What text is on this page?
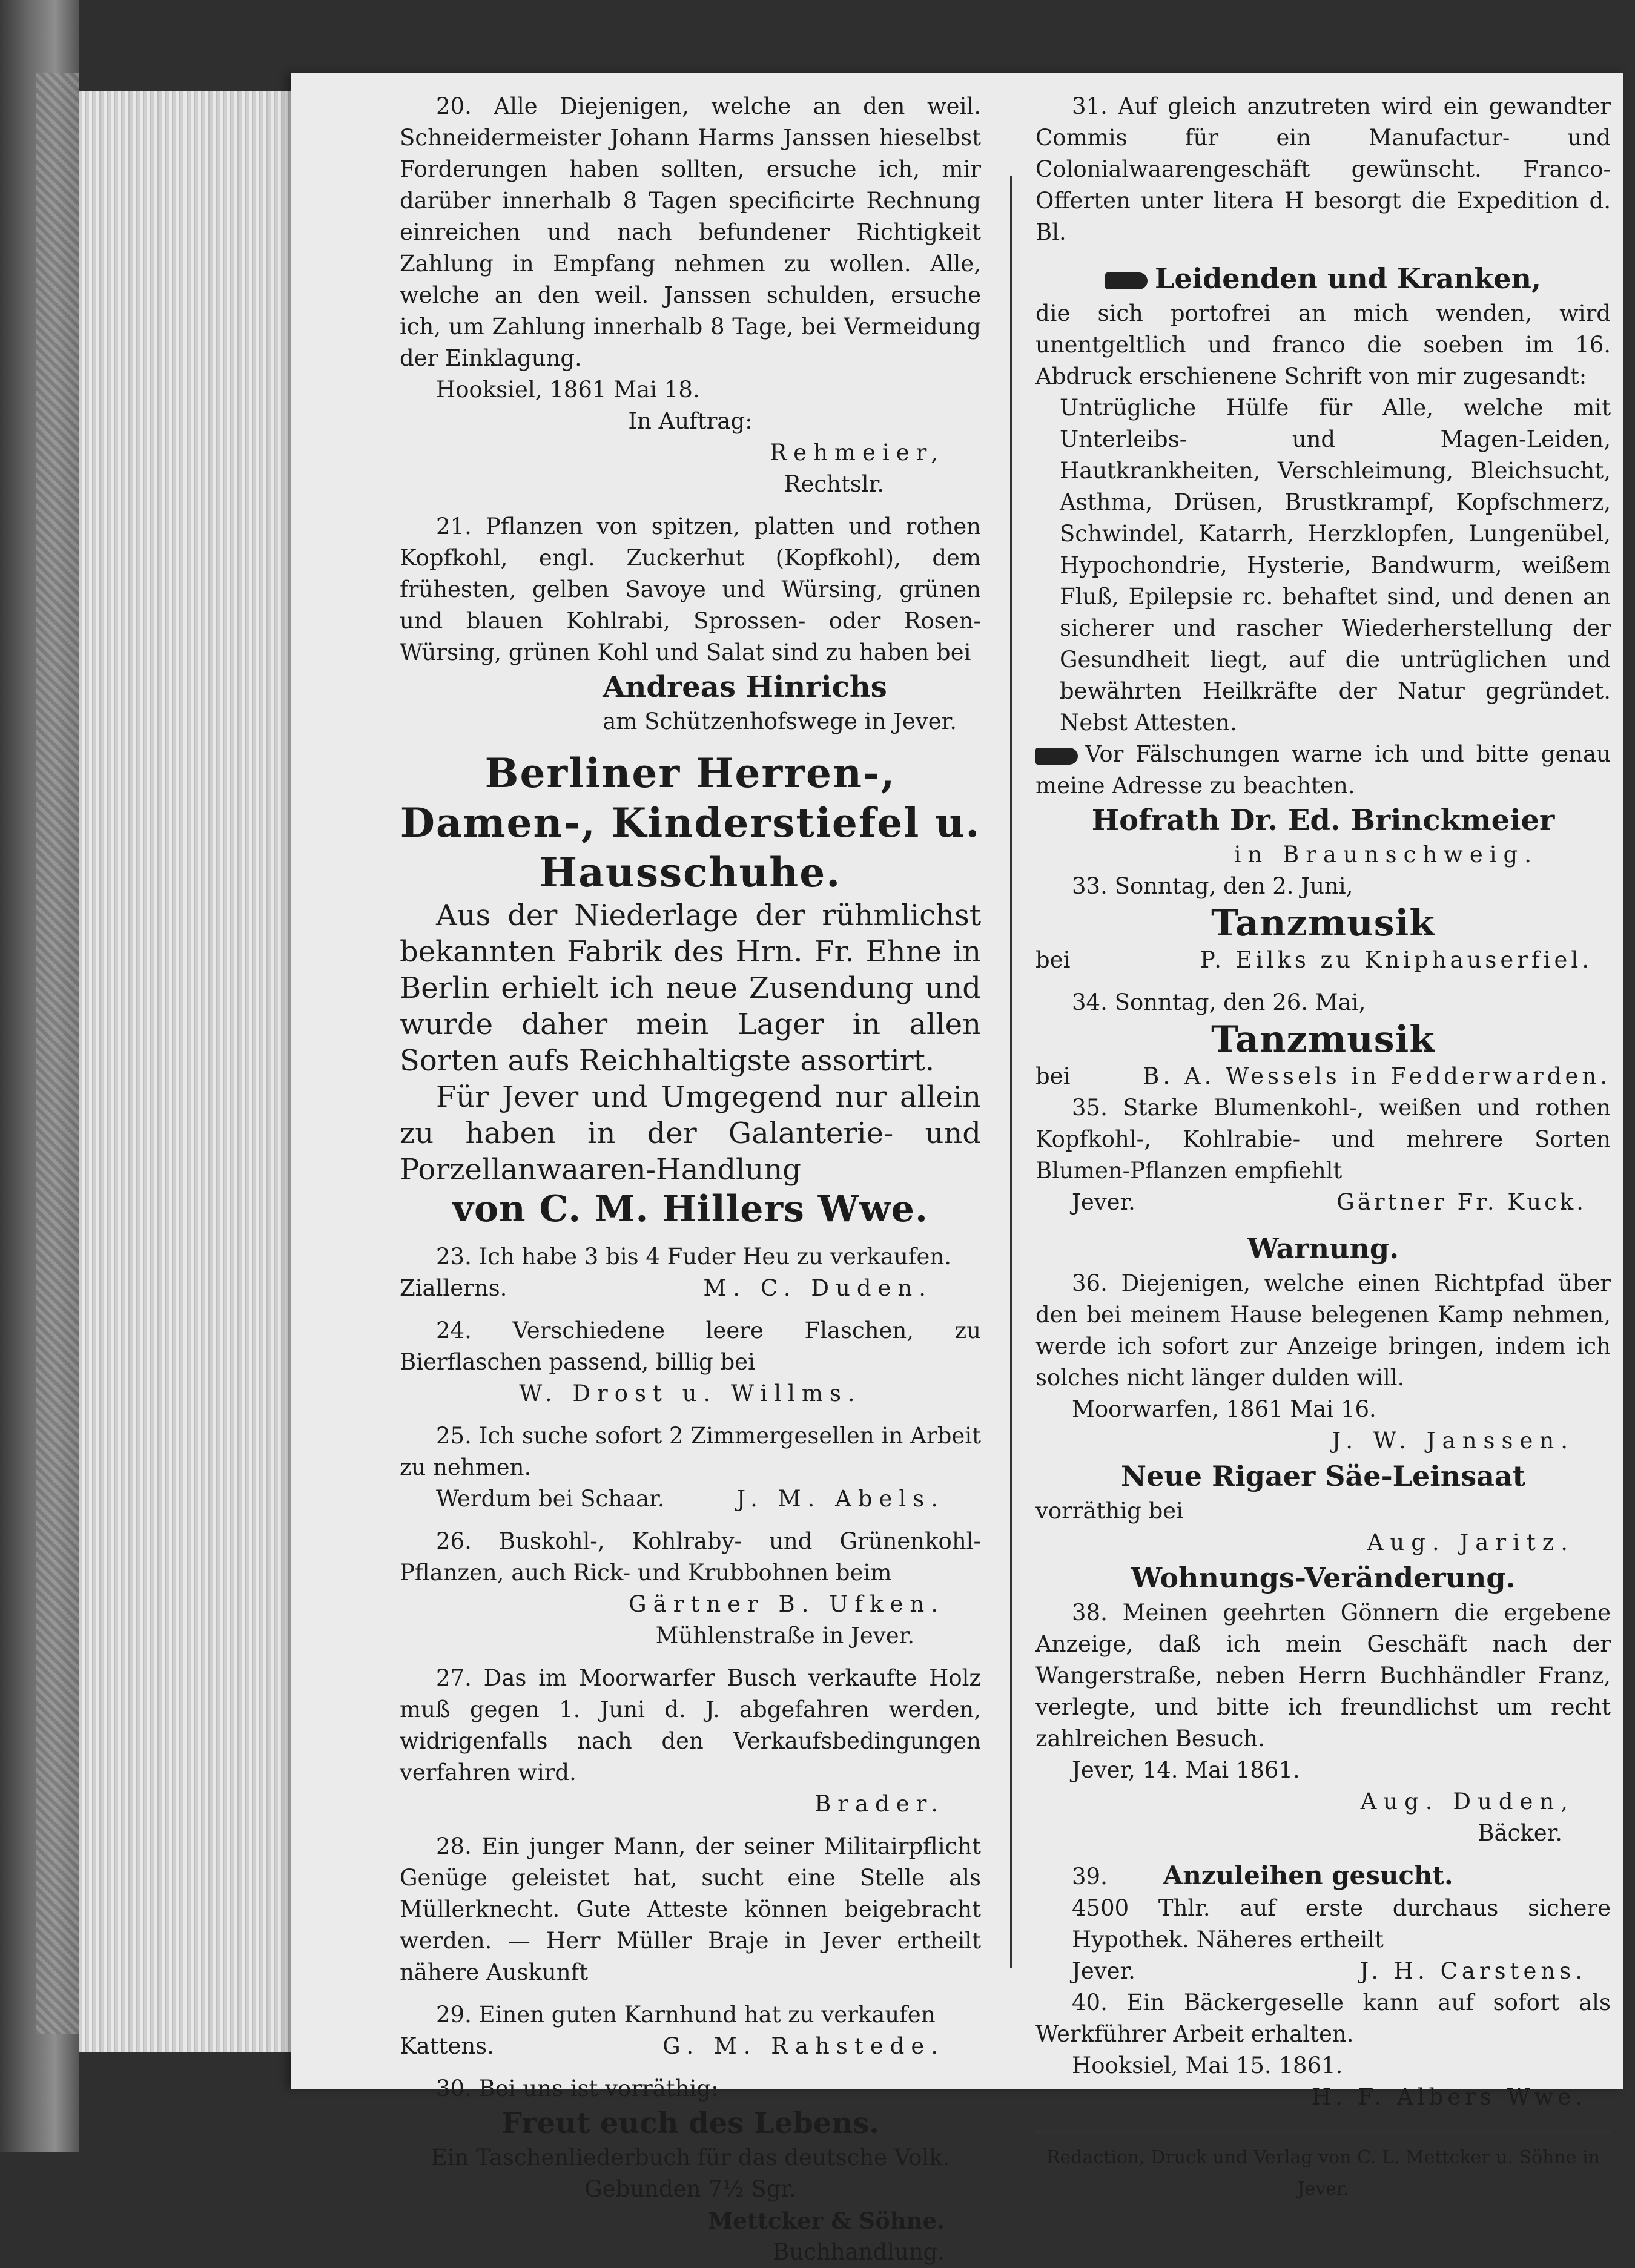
20. Alle Diejenigen, welche an den weil. Schneidermeister Johann Harms Janssen hieselbst Forderungen haben sollten, ersuche ich, mir darüber innerhalb 8 Tagen specificirte Rechnung einreichen und nach befundener Richtigkeit Zahlung in Empfang nehmen zu wollen. Alle, welche an den weil. Janssen schulden, ersuche ich, um Zahlung innerhalb 8 Tage, bei Vermeidung der Einklagung.

Hooksiel, 1861 Mai 18.

In Auftrag:

Rehmeier,

Rechtslr.

21. Pflanzen von spitzen, platten und rothen Kopfkohl, engl. Zuckerhut (Kopfkohl), dem frühesten, gelben Savoye und Würsing, grünen und blauen Kohlrabi, Sprossen- oder Rosen-Würsing, grünen Kohl und Salat sind zu haben bei

Andreas Hinrichs

am Schützenhofswege in Jever.

Berliner Herren-, Damen-, Kinderstiefel u. Hausschuhe.

Aus der Niederlage der rühmlichst bekannten Fabrik des Hrn. Fr. Ehne in Berlin erhielt ich neue Zusendung und wurde daher mein Lager in allen Sorten aufs Reichhaltigste assortirt.

Für Jever und Umgegend nur allein zu haben in der Galanterie- und Porzellanwaaren-Handlung

von C. M. Hillers Wwe.

23. Ich habe 3 bis 4 Fuder Heu zu verkaufen.

Ziallerns.	M. C. Duden.

24. Verschiedene leere Flaschen, zu Bierflaschen passend, billig bei

W. Drost u. Willms.

25. Ich suche sofort 2 Zimmergesellen in Arbeit zu nehmen.

Werdum bei Schaar.	J. M. Abels.

26. Buskohl-, Kohlraby- und Grünenkohl-Pflanzen, auch Rick- und Krubbohnen beim

Gärtner B. Ufken.

Mühlenstraße in Jever.

27. Das im Moorwarfer Busch verkaufte Holz muß gegen 1. Juni d. J. abgefahren werden, widrigenfalls nach den Verkaufsbedingungen verfahren wird.

Brader.

28. Ein junger Mann, der seiner Militairpflicht Genüge geleistet hat, sucht eine Stelle als Müllerknecht. Gute Atteste können beigebracht werden. — Herr Müller Braje in Jever ertheilt nähere Auskunft

29. Einen guten Karnhund hat zu verkaufen

Kattens.	G. M. Rahstede.

30. Bei uns ist vorräthig:

Freut euch des Lebens.

Ein Taschenliederbuch für das deutsche Volk.

Gebunden 7½ Sgr.

Mettcker & Söhne.

Buchhandlung.

31. Auf gleich anzutreten wird ein gewandter Commis für ein Manufactur- und Colonialwaarengeschäft gewünscht. Franco-Offerten unter litera H besorgt die Expedition d. Bl.

Leidenden und Kranken,

die sich portofrei an mich wenden, wird unentgeltlich und franco die soeben im 16. Abdruck erschienene Schrift von mir zugesandt:

Untrügliche Hülfe für Alle, welche mit Unterleibs- und Magen-Leiden, Hautkrankheiten, Verschleimung, Bleichsucht, Asthma, Drüsen, Brustkrampf, Kopfschmerz, Schwindel, Katarrh, Herzklopfen, Lungenübel, Hypochondrie, Hysterie, Bandwurm, weißem Fluß, Epilepsie rc. behaftet sind, und denen an sicherer und rascher Wiederherstellung der Gesundheit liegt, auf die untrüglichen und bewährten Heilkräfte der Natur gegründet. Nebst Attesten.

Vor Fälschungen warne ich und bitte genau meine Adresse zu beachten.

Hofrath Dr. Ed. Brinckmeier

in Braunschweig.

33. Sonntag, den 2. Juni,

Tanzmusik

bei	P. Eilks zu Kniphauserfiel.

34. Sonntag, den 26. Mai,

Tanzmusik

bei	B. A. Wessels in Fedderwarden.

35. Starke Blumenkohl-, weißen und rothen Kopfkohl-, Kohlrabie- und mehrere Sorten Blumen-Pflanzen empfiehlt

Jever.	Gärtner Fr. Kuck.

Warnung.

36. Diejenigen, welche einen Richtpfad über den bei meinem Hause belegenen Kamp nehmen, werde ich sofort zur Anzeige bringen, indem ich solches nicht länger dulden will.

Moorwarfen, 1861 Mai 16.

J. W. Janssen.

Neue Rigaer Säe-Leinsaat

vorräthig bei

Aug. Jaritz.

Wohnungs-Veränderung.

38. Meinen geehrten Gönnern die ergebene Anzeige, daß ich mein Geschäft nach der Wangerstraße, neben Herrn Buchhändler Franz, verlegte, und bitte ich freundlichst um recht zahlreichen Besuch.

Jever, 14. Mai 1861.

Aug. Duden,

Bäcker.

39. Anzuleihen gesucht.

4500 Thlr. auf erste durchaus sichere Hypothek. Näheres ertheilt

Jever.	J. H. Carstens.

40. Ein Bäckergeselle kann auf sofort als Werkführer Arbeit erhalten.

Hooksiel, Mai 15. 1861.

H. F. Albers Wwe.

Redaction, Druck und Verlag von C. L. Mettcker u. Söhne in Jever.
